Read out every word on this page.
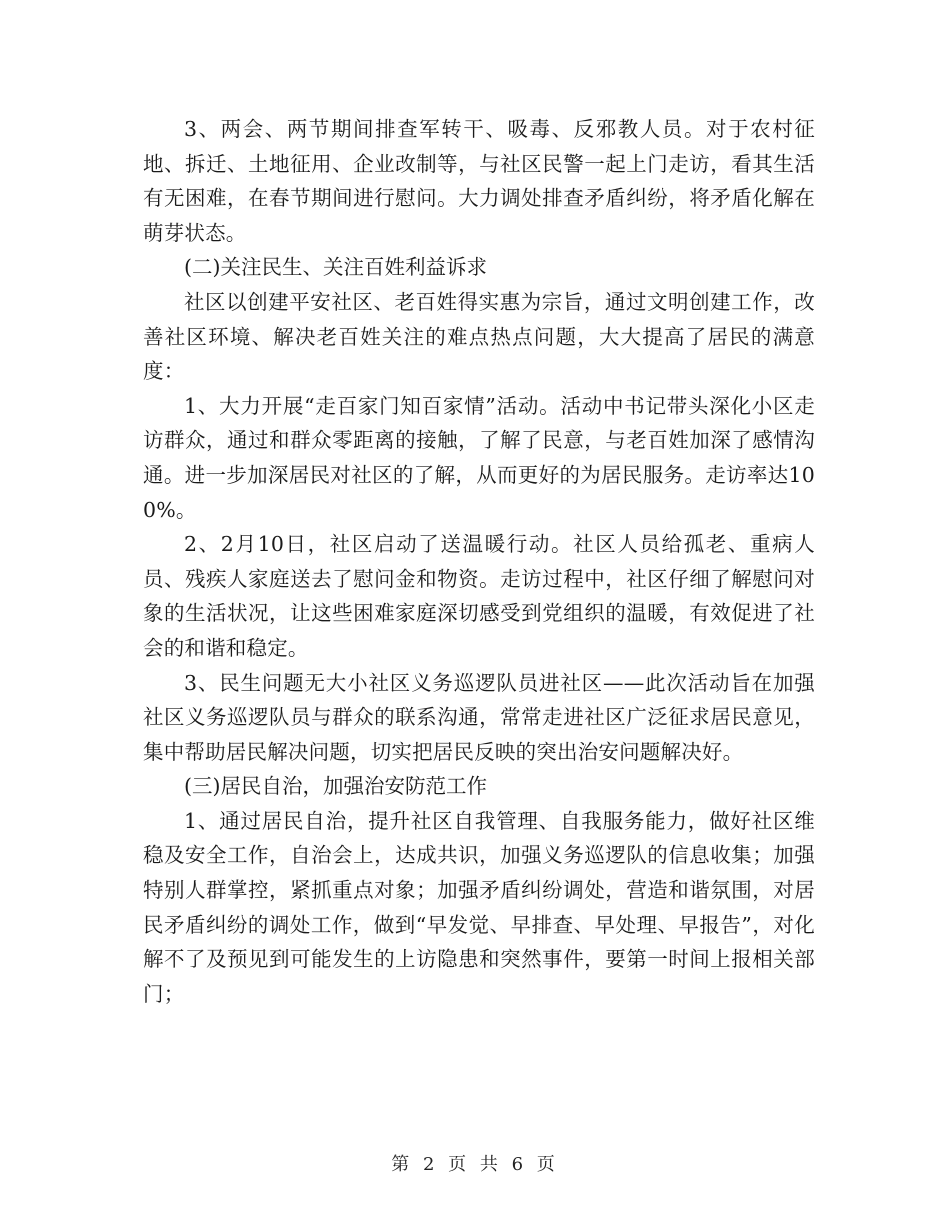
3、两会、两节期间排查军转干、吸毒、反邪教人员。对于农村征地、拆迁、土地征用、企业改制等，与社区民警一起上门走访，看其生活有无困难，在春节期间进行慰问。大力调处排查矛盾纠纷，将矛盾化解在萌芽状态。

(二)关注民生、关注百姓利益诉求

社区以创建平安社区、老百姓得实惠为宗旨，通过文明创建工作，改善社区环境、解决老百姓关注的难点热点问题，大大提高了居民的满意度：

1、大力开展“走百家门知百家情”活动。活动中书记带头深化小区走访群众，通过和群众零距离的接触，了解了民意，与老百姓加深了感情沟通。进一步加深居民对社区的了解，从而更好的为居民服务。走访率达100%。

2、2月10日，社区启动了送温暖行动。社区人员给孤老、重病人员、残疾人家庭送去了慰问金和物资。走访过程中，社区仔细了解慰问对象的生活状况，让这些困难家庭深切感受到党组织的温暖，有效促进了社会的和谐和稳定。

3、民生问题无大小社区义务巡逻队员进社区——此次活动旨在加强社区义务巡逻队员与群众的联系沟通，常常走进社区广泛征求居民意见，集中帮助居民解决问题，切实把居民反映的突出治安问题解决好。

(三)居民自治，加强治安防范工作

1、通过居民自治，提升社区自我管理、自我服务能力，做好社区维稳及安全工作，自治会上，达成共识，加强义务巡逻队的信息收集；加强特别人群掌控，紧抓重点对象；加强矛盾纠纷调处，营造和谐氛围，对居民矛盾纠纷的调处工作，做到“早发觉、早排查、早处理、早报告”，对化解不了及预见到可能发生的上访隐患和突然事件，要第一时间上报相关部门；

第 2 页 共 6 页
